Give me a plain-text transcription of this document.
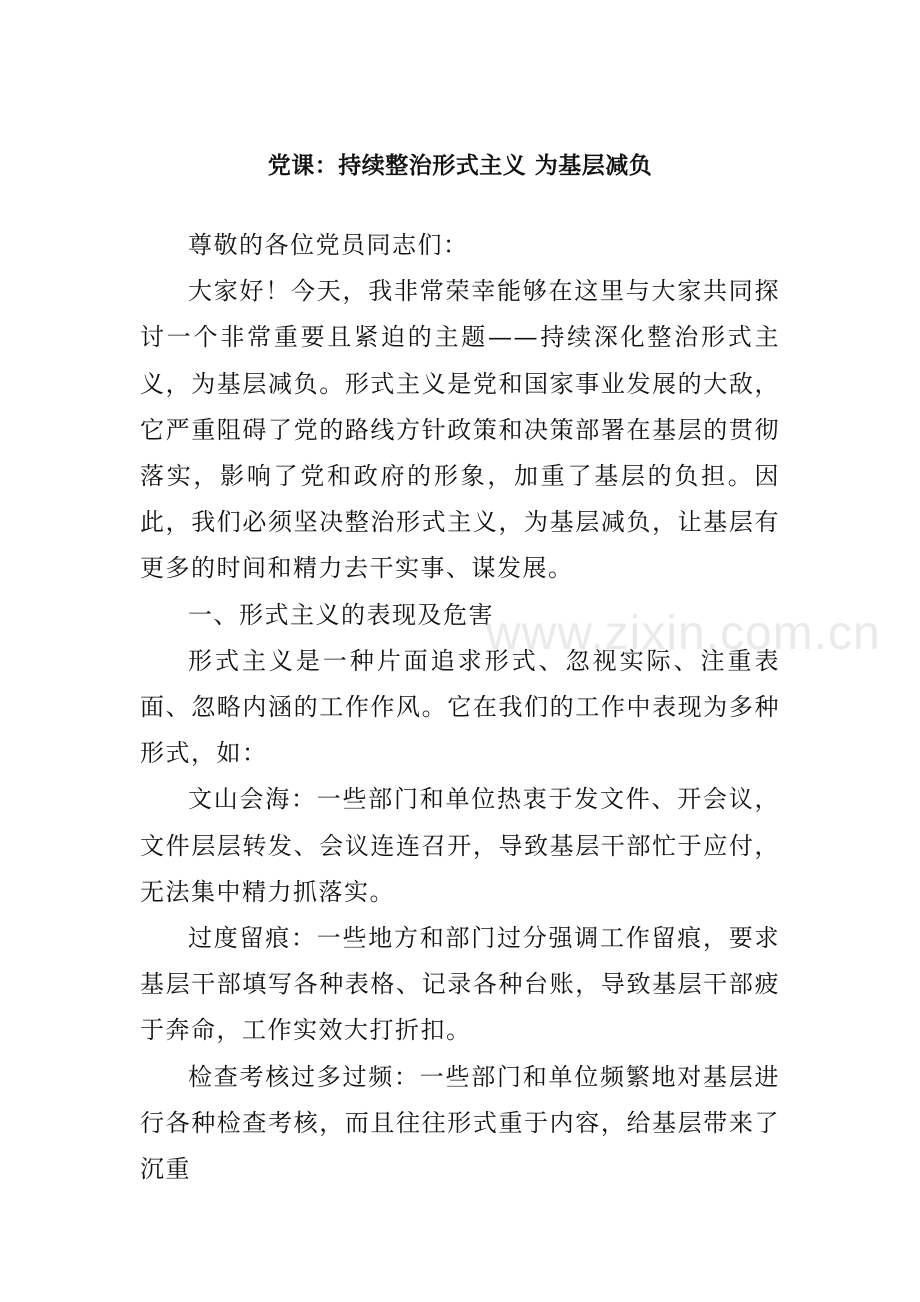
党课：持续整治形式主义 为基层减负

尊敬的各位党员同志们：

大家好！今天，我非常荣幸能够在这里与大家共同探讨一个非常重要且紧迫的主题——持续深化整治形式主义，为基层减负。形式主义是党和国家事业发展的大敌，它严重阻碍了党的路线方针政策和决策部署在基层的贯彻落实，影响了党和政府的形象，加重了基层的负担。因此，我们必须坚决整治形式主义，为基层减负，让基层有更多的时间和精力去干实事、谋发展。

一、形式主义的表现及危害

形式主义是一种片面追求形式、忽视实际、注重表面、忽略内涵的工作作风。它在我们的工作中表现为多种形式，如：

文山会海：一些部门和单位热衷于发文件、开会议，文件层层转发、会议连连召开，导致基层干部忙于应付，无法集中精力抓落实。

过度留痕：一些地方和部门过分强调工作留痕，要求基层干部填写各种表格、记录各种台账，导致基层干部疲于奔命，工作实效大打折扣。

检查考核过多过频：一些部门和单位频繁地对基层进行各种检查考核，而且往往形式重于内容，给基层带来了沉重

www.zixin.com.cn
